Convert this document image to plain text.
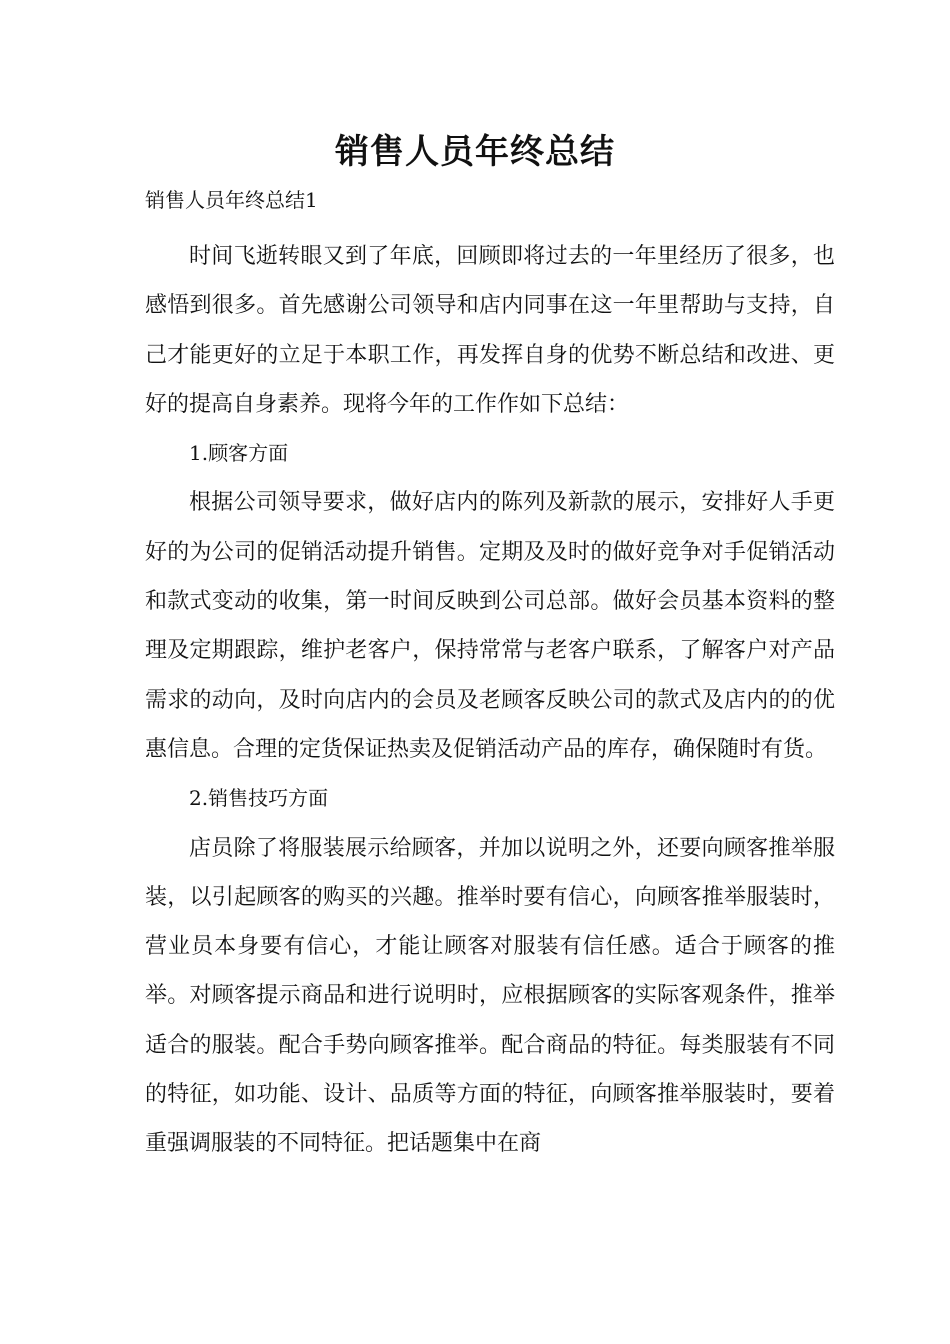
销售人员年终总结

销售人员年终总结1

时间飞逝转眼又到了年底，回顾即将过去的一年里经历了很多，也感悟到很多。首先感谢公司领导和店内同事在这一年里帮助与支持，自己才能更好的立足于本职工作，再发挥自身的优势不断总结和改进、更好的提高自身素养。现将今年的工作作如下总结：

1.顾客方面

根据公司领导要求，做好店内的陈列及新款的展示，安排好人手更好的为公司的促销活动提升销售。定期及及时的做好竞争对手促销活动和款式变动的收集，第一时间反映到公司总部。做好会员基本资料的整理及定期跟踪，维护老客户，保持常常与老客户联系，了解客户对产品需求的动向，及时向店内的会员及老顾客反映公司的款式及店内的的优惠信息。合理的定货保证热卖及促销活动产品的库存，确保随时有货。

2.销售技巧方面

店员除了将服装展示给顾客，并加以说明之外，还要向顾客推举服装，以引起顾客的购买的兴趣。推举时要有信心，向顾客推举服装时，营业员本身要有信心，才能让顾客对服装有信任感。适合于顾客的推举。对顾客提示商品和进行说明时，应根据顾客的实际客观条件，推举适合的服装。配合手势向顾客推举。配合商品的特征。每类服装有不同的特征，如功能、设计、品质等方面的特征，向顾客推举服装时，要着重强调服装的不同特征。把话题集中在商
